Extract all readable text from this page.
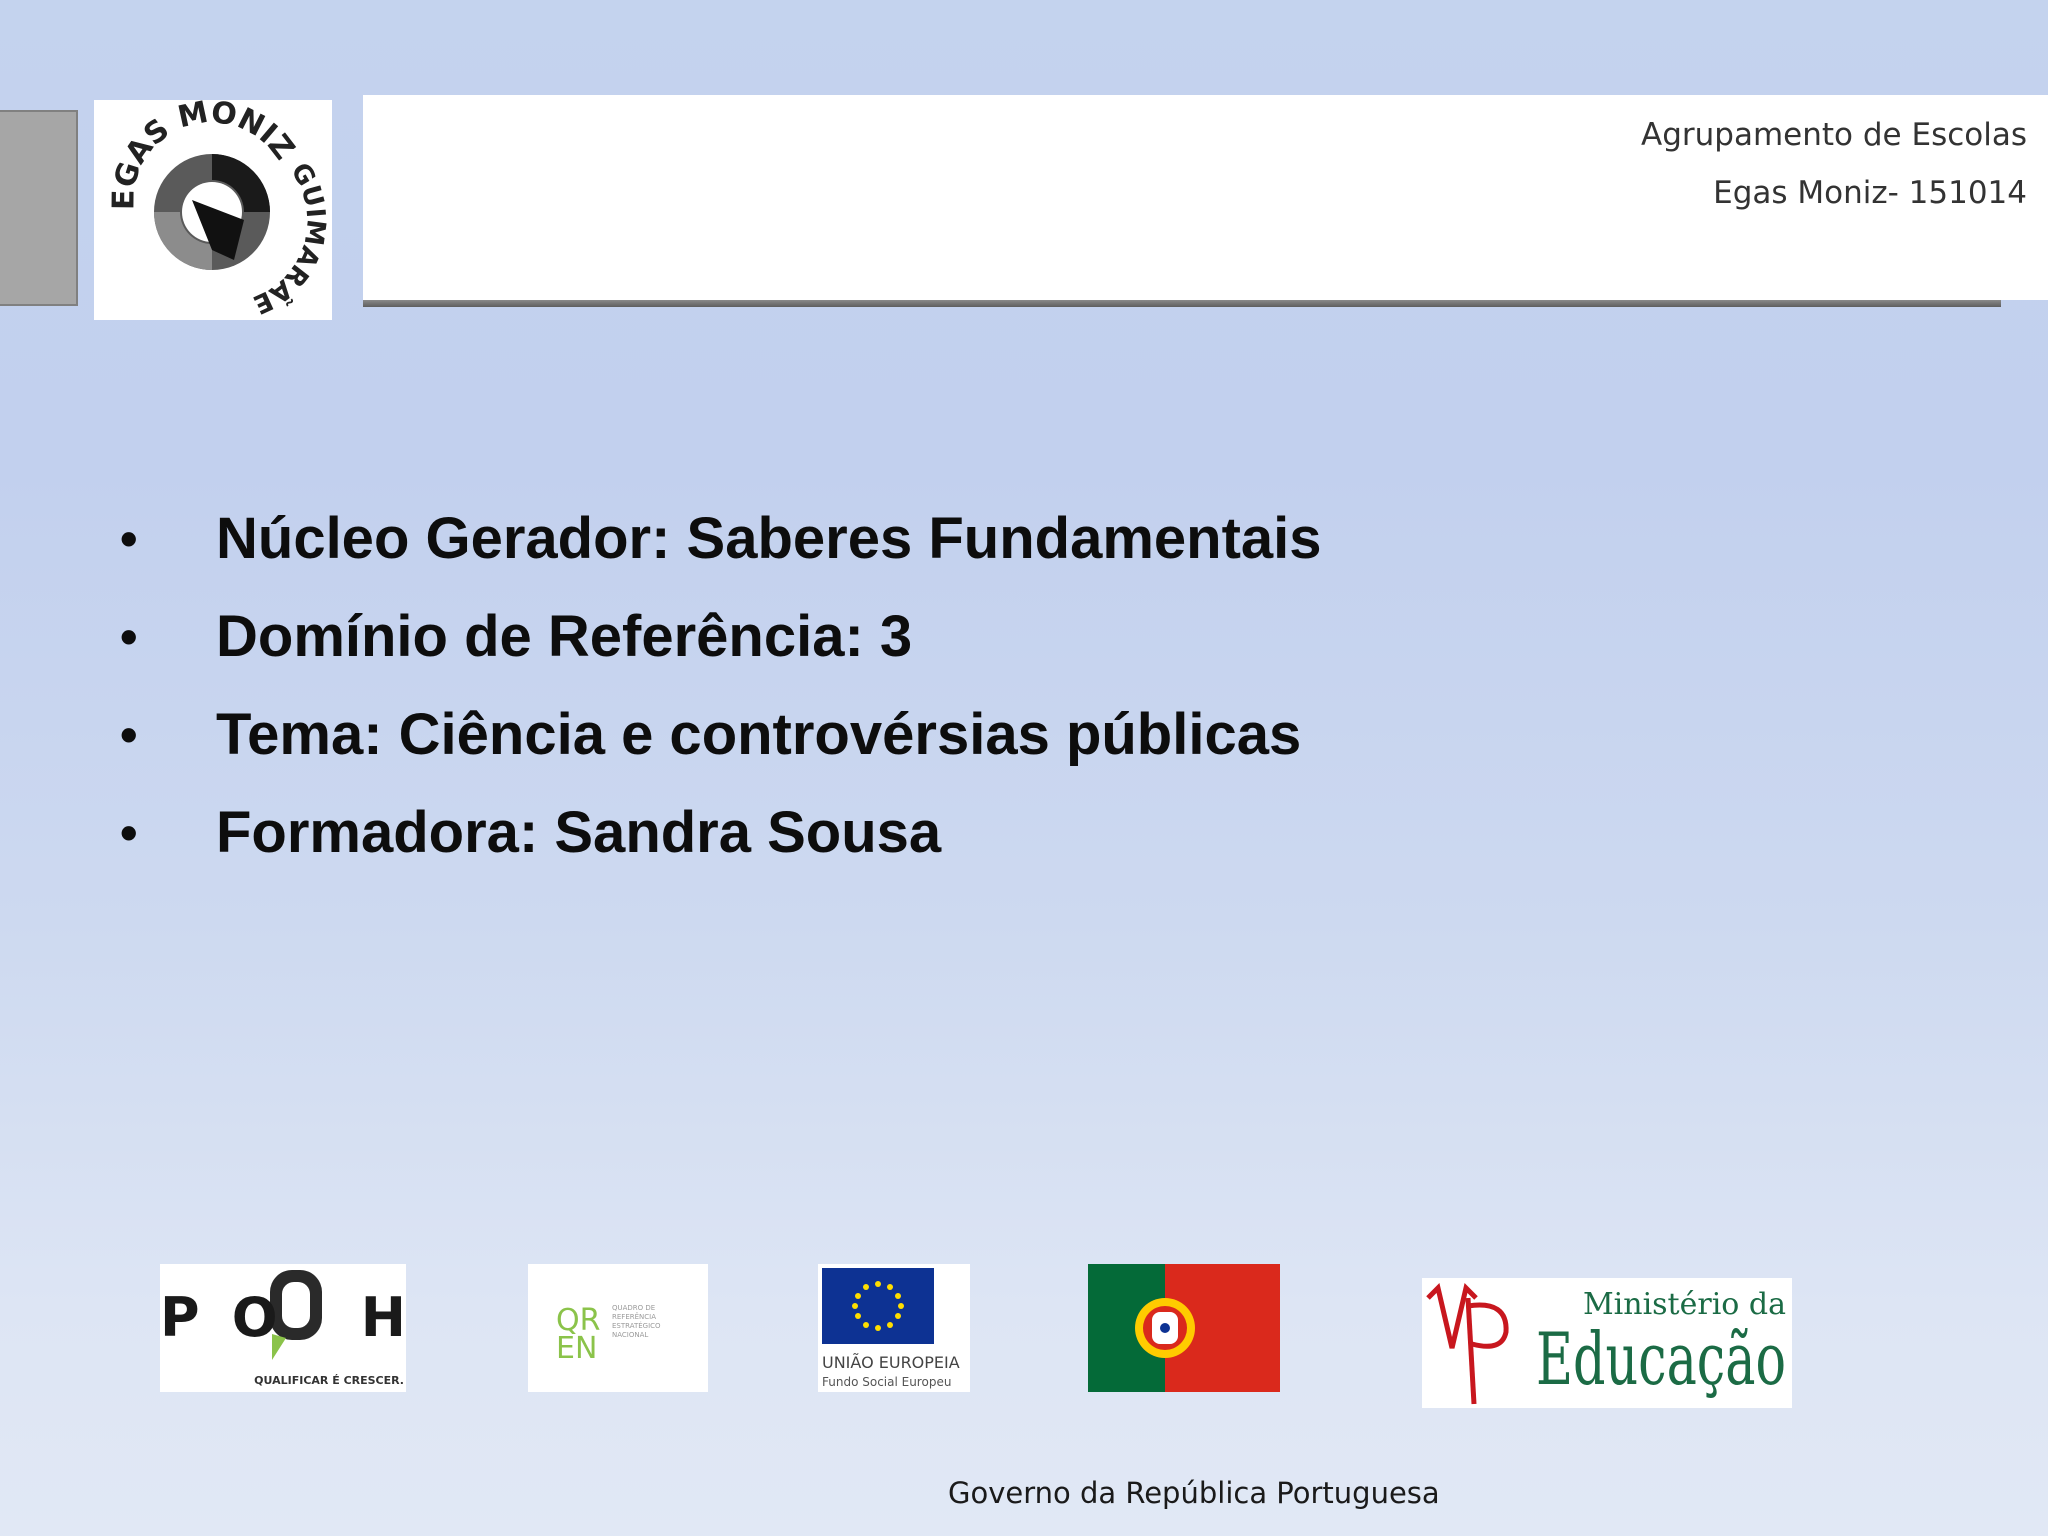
EGAS MONIZ
GUIMARÃE
Agrupamento de Escolas
Egas Moniz- 151014
• Núcleo Gerador: Saberes Fundamentais
• Domínio de Referência: 3
• Tema: Ciência e controvérsias públicas
• Formadora: Sandra Sousa
PO H
QUALIFICAR É CRESCER.
QR
EN
QUADRO DE REFERÊNCIA ESTRATÉGICO NACIONAL
UNIÃO EUROPEIA
Fundo Social Europeu
Ministério da
Educação
Governo da República Portuguesa
